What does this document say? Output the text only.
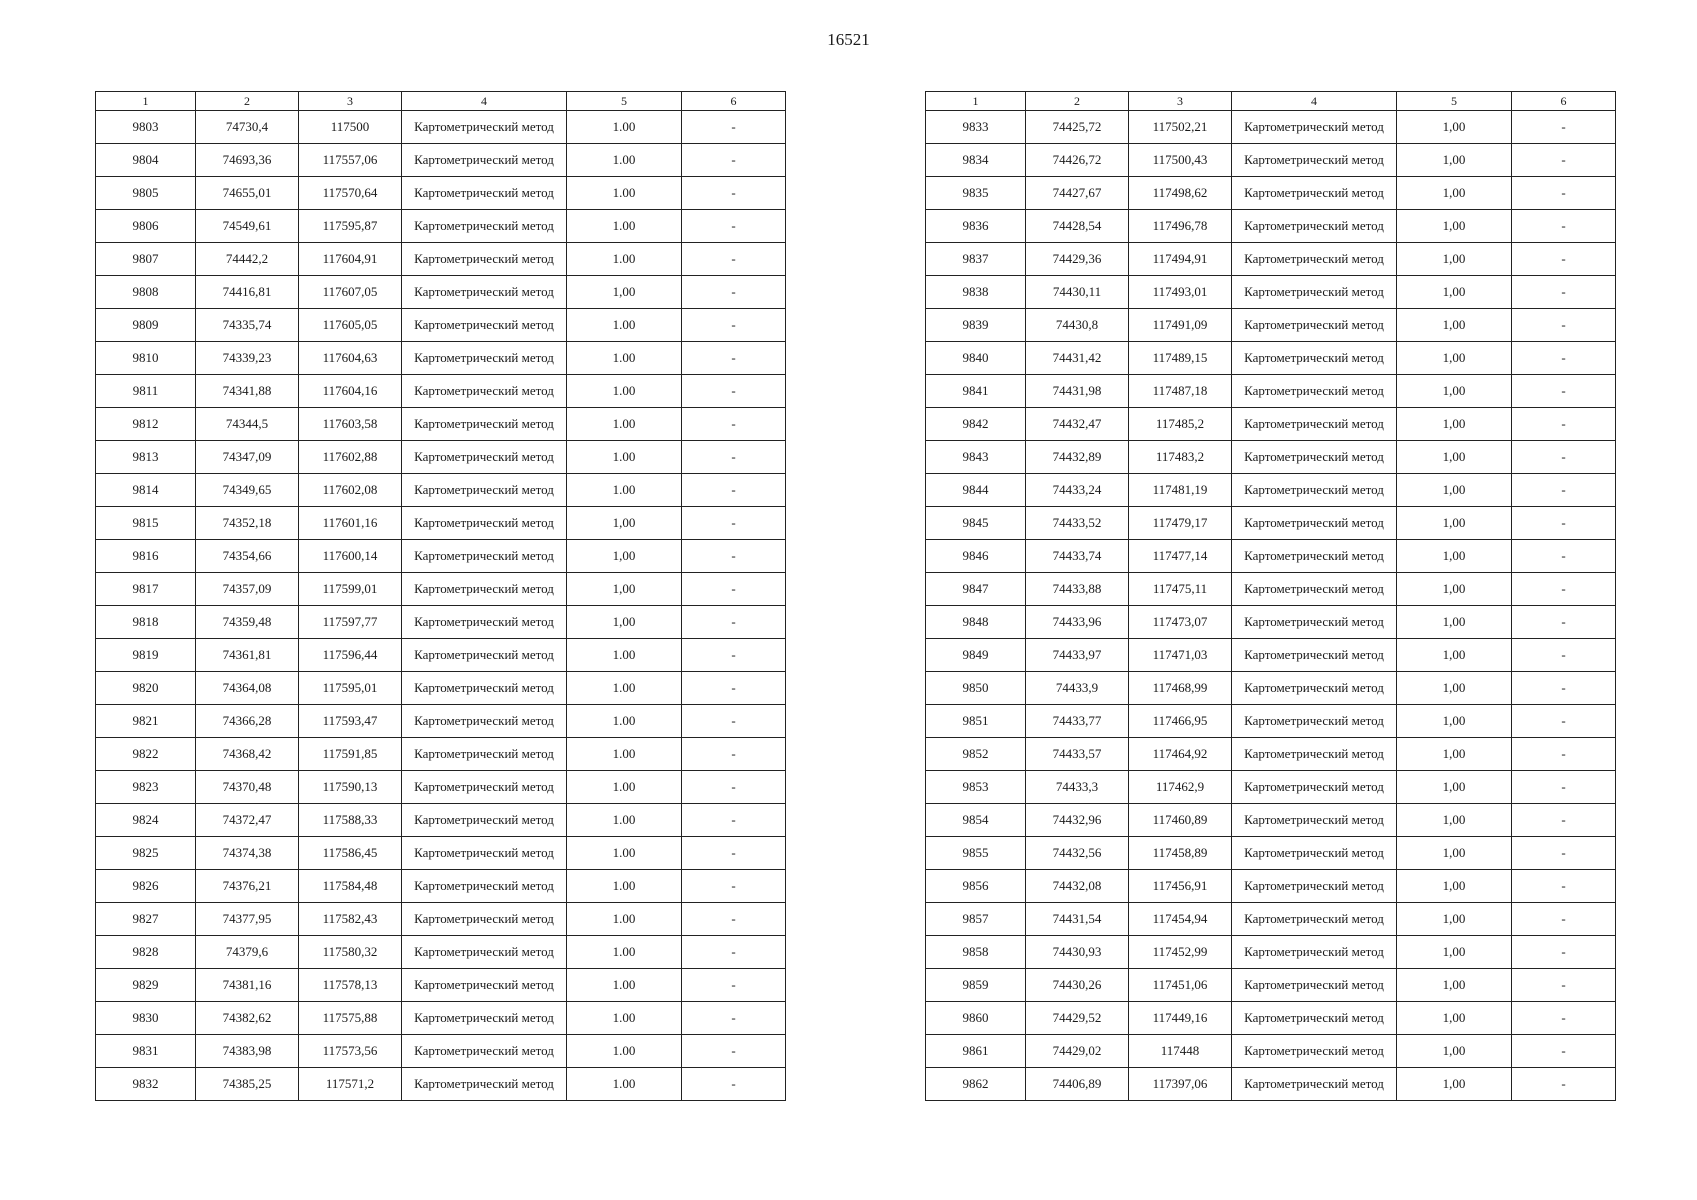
16521
1	2	3	4	5	6
9803	74730,4	117500	Картометрический метод	1.00	-
9804	74693,36	117557,06	Картометрический метод	1.00	-
9805	74655,01	117570,64	Картометрический метод	1.00	-
9806	74549,61	117595,87	Картометрический метод	1.00	-
9807	74442,2	117604,91	Картометрический метод	1.00	-
9808	74416,81	117607,05	Картометрический метод	1,00	-
9809	74335,74	117605,05	Картометрический метод	1.00	-
9810	74339,23	117604,63	Картометрический метод	1.00	-
9811	74341,88	117604,16	Картометрический метод	1.00	-
9812	74344,5	117603,58	Картометрический метод	1.00	-
9813	74347,09	117602,88	Картометрический метод	1.00	-
9814	74349,65	117602,08	Картометрический метод	1.00	-
9815	74352,18	117601,16	Картометрический метод	1,00	-
9816	74354,66	117600,14	Картометрический метод	1,00	-
9817	74357,09	117599,01	Картометрический метод	1,00	-
9818	74359,48	117597,77	Картометрический метод	1,00	-
9819	74361,81	117596,44	Картометрический метод	1.00	-
9820	74364,08	117595,01	Картометрический метод	1.00	-
9821	74366,28	117593,47	Картометрический метод	1.00	-
9822	74368,42	117591,85	Картометрический метод	1.00	-
9823	74370,48	117590,13	Картометрический метод	1.00	-
9824	74372,47	117588,33	Картометрический метод	1.00	-
9825	74374,38	117586,45	Картометрический метод	1.00	-
9826	74376,21	117584,48	Картометрический метод	1.00	-
9827	74377,95	117582,43	Картометрический метод	1.00	-
9828	74379,6	117580,32	Картометрический метод	1.00	-
9829	74381,16	117578,13	Картометрический метод	1.00	-
9830	74382,62	117575,88	Картометрический метод	1.00	-
9831	74383,98	117573,56	Картометрический метод	1.00	-
9832	74385,25	117571,2	Картометрический метод	1.00	-
1	2	3	4	5	6
9833	74425,72	117502,21	Картометрический метод	1,00	-
9834	74426,72	117500,43	Картометрический метод	1,00	-
9835	74427,67	117498,62	Картометрический метод	1,00	-
9836	74428,54	117496,78	Картометрический метод	1,00	-
9837	74429,36	117494,91	Картометрический метод	1,00	-
9838	74430,11	117493,01	Картометрический метод	1,00	-
9839	74430,8	117491,09	Картометрический метод	1,00	-
9840	74431,42	117489,15	Картометрический метод	1,00	-
9841	74431,98	117487,18	Картометрический метод	1,00	-
9842	74432,47	117485,2	Картометрический метод	1,00	-
9843	74432,89	117483,2	Картометрический метод	1,00	-
9844	74433,24	117481,19	Картометрический метод	1,00	-
9845	74433,52	117479,17	Картометрический метод	1,00	-
9846	74433,74	117477,14	Картометрический метод	1,00	-
9847	74433,88	117475,11	Картометрический метод	1,00	-
9848	74433,96	117473,07	Картометрический метод	1,00	-
9849	74433,97	117471,03	Картометрический метод	1,00	-
9850	74433,9	117468,99	Картометрический метод	1,00	-
9851	74433,77	117466,95	Картометрический метод	1,00	-
9852	74433,57	117464,92	Картометрический метод	1,00	-
9853	74433,3	117462,9	Картометрический метод	1,00	-
9854	74432,96	117460,89	Картометрический метод	1,00	-
9855	74432,56	117458,89	Картометрический метод	1,00	-
9856	74432,08	117456,91	Картометрический метод	1,00	-
9857	74431,54	117454,94	Картометрический метод	1,00	-
9858	74430,93	117452,99	Картометрический метод	1,00	-
9859	74430,26	117451,06	Картометрический метод	1,00	-
9860	74429,52	117449,16	Картометрический метод	1,00	-
9861	74429,02	117448	Картометрический метод	1,00	-
9862	74406,89	117397,06	Картометрический метод	1,00	-
